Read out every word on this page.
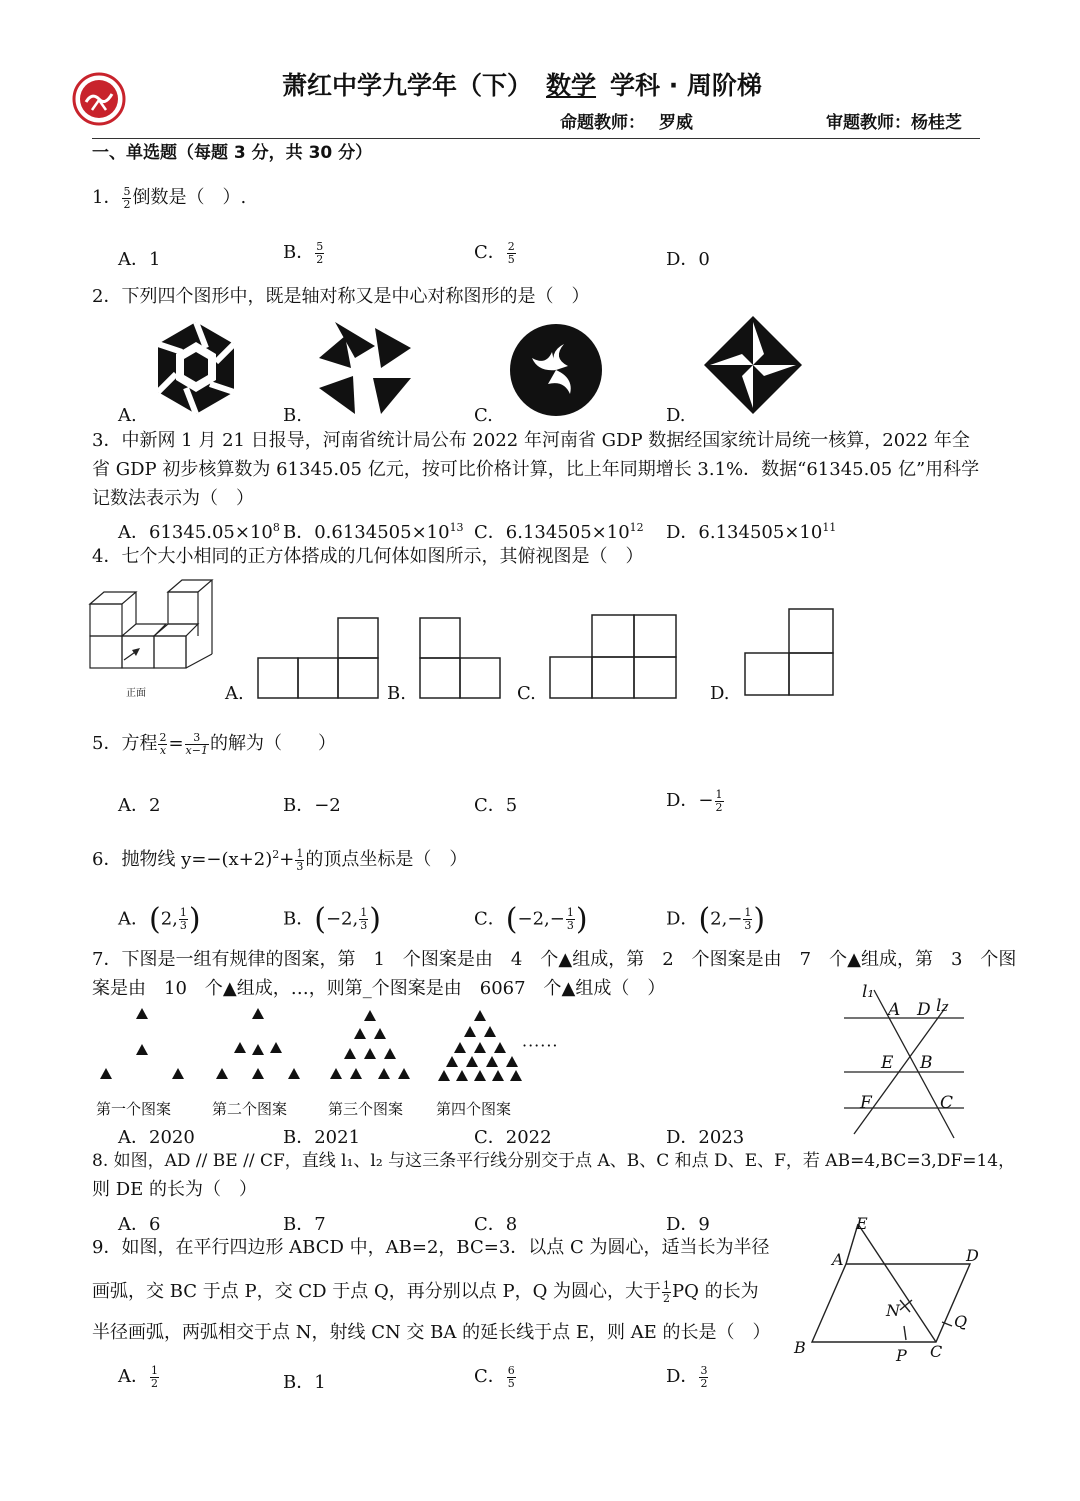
萧红中学九学年（下） 数学 学科 · 周阶梯
命题教师： 罗威	审题教师：杨桂芝
一、单选题（每题 3 分，共 30 分）
1． $\frac{5}{2}$ 倒数是（　）.
A．1	B． $\frac{5}{2}$	C． $\frac{2}{5}$	D．0
2．下列四个图形中，既是轴对称又是中心对称图形的是（　）
A.	B.	C.	D.
3．中新网 1 月 21 日报导，河南省统计局公布 2022 年河南省 GDP 数据经国家统计局统一核算，2022 年全
省 GDP 初步核算数为 61345.05 亿元，按可比价格计算，比上年同期增长 3.1%．数据“61345.05 亿”用科学
记数法表示为（　）
A．$61345.05\times 10^8$ B．$0.6134505\times 10^{13}$ C．$6.134505\times 10^{12}$ D．$6.134505\times 10^{11}$
4．七个大小相同的正方体搭成的几何体如图所示，其俯视图是（　）
正面	A.	B.	C.	D.
5．方程 $\frac{2}{x} = \frac{3}{x-1}$ 的解为（　　）
A．2	B．−2	C．5	D．− $\frac{1}{2}$
6．抛物线 $y=-(x+2)^2+ \frac{1}{3}$ 的顶点坐标是（　）
A．(2, $\frac{1}{3}$ )	B．(−2, $\frac{1}{3}$ )	C．($-2,- \frac{1}{3}$ )	D．($2,- \frac{1}{3}$ )
7．下图是一组有规律的图案，第　1　个图案是由　4　个▲组成，第　2　个图案是由　7　个▲组成，第　3　个图
案是由　10　个▲组成，…，则第_个图案是由　6067　个▲组成（　）
······
第一个图案	第二个图案	第三个图案 第四个图案
A．2020	B．2021	C．2022	D．2023
l₁
l₂
A D
E B
F	C
8. 如图，AD // BE // CF，直线 l₁、l₂ 与这三条平行线分别交于点 A、B、C 和点 D、E、F，若 AB=4,BC=3,DF=14，
则 DE 的长为（　）
A．6	B．7	C．8	D．9
9．如图，在平行四边形 ABCD 中，AB=2，BC=3．以点 C 为圆心，适当长为半径
画弧，交 BC 于点 P，交 CD 于点 Q，再分别以点 P，Q 为圆心，大于 $\frac{1}{2}$ PQ 的长为
半径画弧，两弧相交于点 N，射线 CN 交 BA 的延长线于点 E，则 AE 的长是（　）
A． $\frac{1}{2}$	B．1	C． $\frac{6}{5}$	D． $\frac{3}{2}$
E
A	D
N
Q
B	P C
